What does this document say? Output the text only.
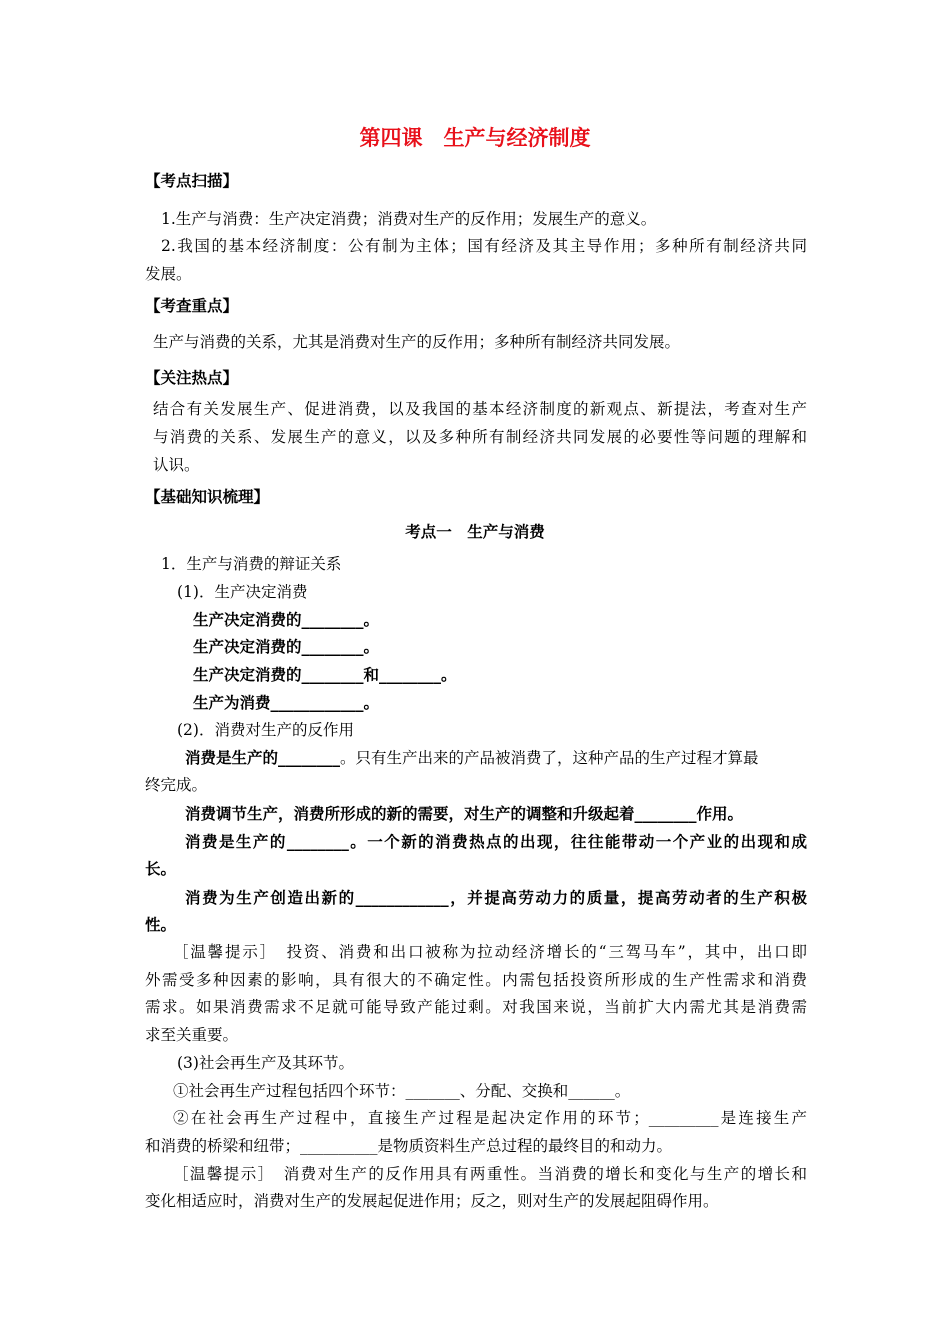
第四课　生产与经济制度
【考点扫描】
1.生产与消费：生产决定消费；消费对生产的反作用；发展生产的意义。
2.我国的基本经济制度：公有制为主体；国有经济及其主导作用；多种所有制经济共同
发展。
【考查重点】
生产与消费的关系，尤其是消费对生产的反作用；多种所有制经济共同发展。
【关注热点】
结合有关发展生产、促进消费，以及我国的基本经济制度的新观点、新提法，考查对生产
与消费的关系、发展生产的意义，以及多种所有制经济共同发展的必要性等问题的理解和
认识。
【基础知识梳理】
考点一　生产与消费
1．生产与消费的辩证关系
(1)．生产决定消费
生产决定消费的________。
生产决定消费的________。
生产决定消费的________和________。
生产为消费____________。
(2)．消费对生产的反作用
消费是生产的________。只有生产出来的产品被消费了，这种产品的生产过程才算最
终完成。
消费调节生产，消费所形成的新的需要，对生产的调整和升级起着________作用。
消费是生产的________。一个新的消费热点的出现，往往能带动一个产业的出现和成
长。
消费为生产创造出新的____________，并提高劳动力的质量，提高劳动者的生产积极
性。
［温馨提示］　投资、消费和出口被称为拉动经济增长的“三驾马车”，其中，出口即
外需受多种因素的影响，具有很大的不确定性。内需包括投资所形成的生产性需求和消费
需求。如果消费需求不足就可能导致产能过剩。对我国来说，当前扩大内需尤其是消费需
求至关重要。
(3)社会再生产及其环节。
①社会再生产过程包括四个环节：_______、分配、交换和______。
②在社会再生产过程中，直接生产过程是起决定作用的环节；_________是连接生产
和消费的桥梁和纽带；__________是物质资料生产总过程的最终目的和动力。
［温馨提示］　消费对生产的反作用具有两重性。当消费的增长和变化与生产的增长和
变化相适应时，消费对生产的发展起促进作用；反之，则对生产的发展起阻碍作用。
